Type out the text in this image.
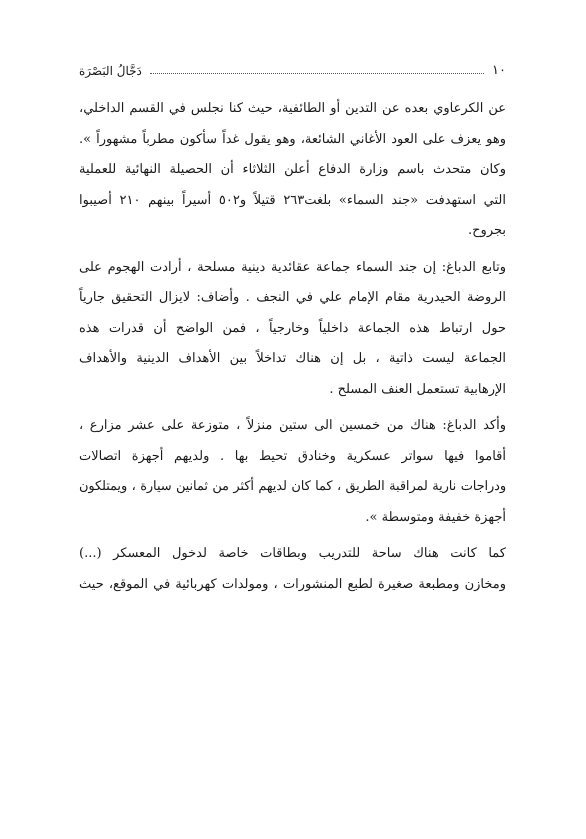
١٠
دَجَّالُ البَصْرَة

عن الكرعاوي بعده عن التدين أو الطائفية، حيث كنا نجلس في القسم الداخلي،
وهو يعزف على العود الأغاني الشائعة، وهو يقول غداً سأكون مطرباً مشهوراً ».
وكان متحدث باسم وزارة الدفاع أعلن الثلاثاء أن الحصيلة النهائية للعملية
التي استهدفت «جند السماء» بلغت٢٦٣ قتيلاً و٥٠٢ أسيراً بينهم ٢١٠ أصيبوا
بجروح.

وتابع الدباغ: إن جند السماء جماعة عقائدية دينية مسلحة ، أرادت الهجوم على
الروضة الحيدرية مقام الإمام علي في النجف . وأضاف: لايزال التحقيق جارياً
حول ارتباط هذه الجماعة داخلياً وخارجياً ، فمن الواضح أن قدرات هذه
الجماعة ليست ذاتية ، بل إن هناك تداخلاً بين الأهداف الدينية والأهداف
الإرهابية تستعمل العنف المسلح .

وأكد الدباغ: هناك من خمسين الى ستين منزلاً ، متوزعة على عشر مزارع ،
أقاموا فيها سواتر عسكرية وخنادق تحيط بها . ولديهم أجهزة اتصالات
ودراجات نارية لمراقبة الطريق ، كما كان لديهم أكثر من ثمانين سيارة ، ويمتلكون
أجهزة خفيفة ومتوسطة ».

كما كانت هناك ساحة للتدريب وبطاقات خاصة لدخول المعسكر (...)
ومخازن ومطبعة صغيرة لطبع المنشورات ، ومولدات كهربائية في الموقع، حيث
